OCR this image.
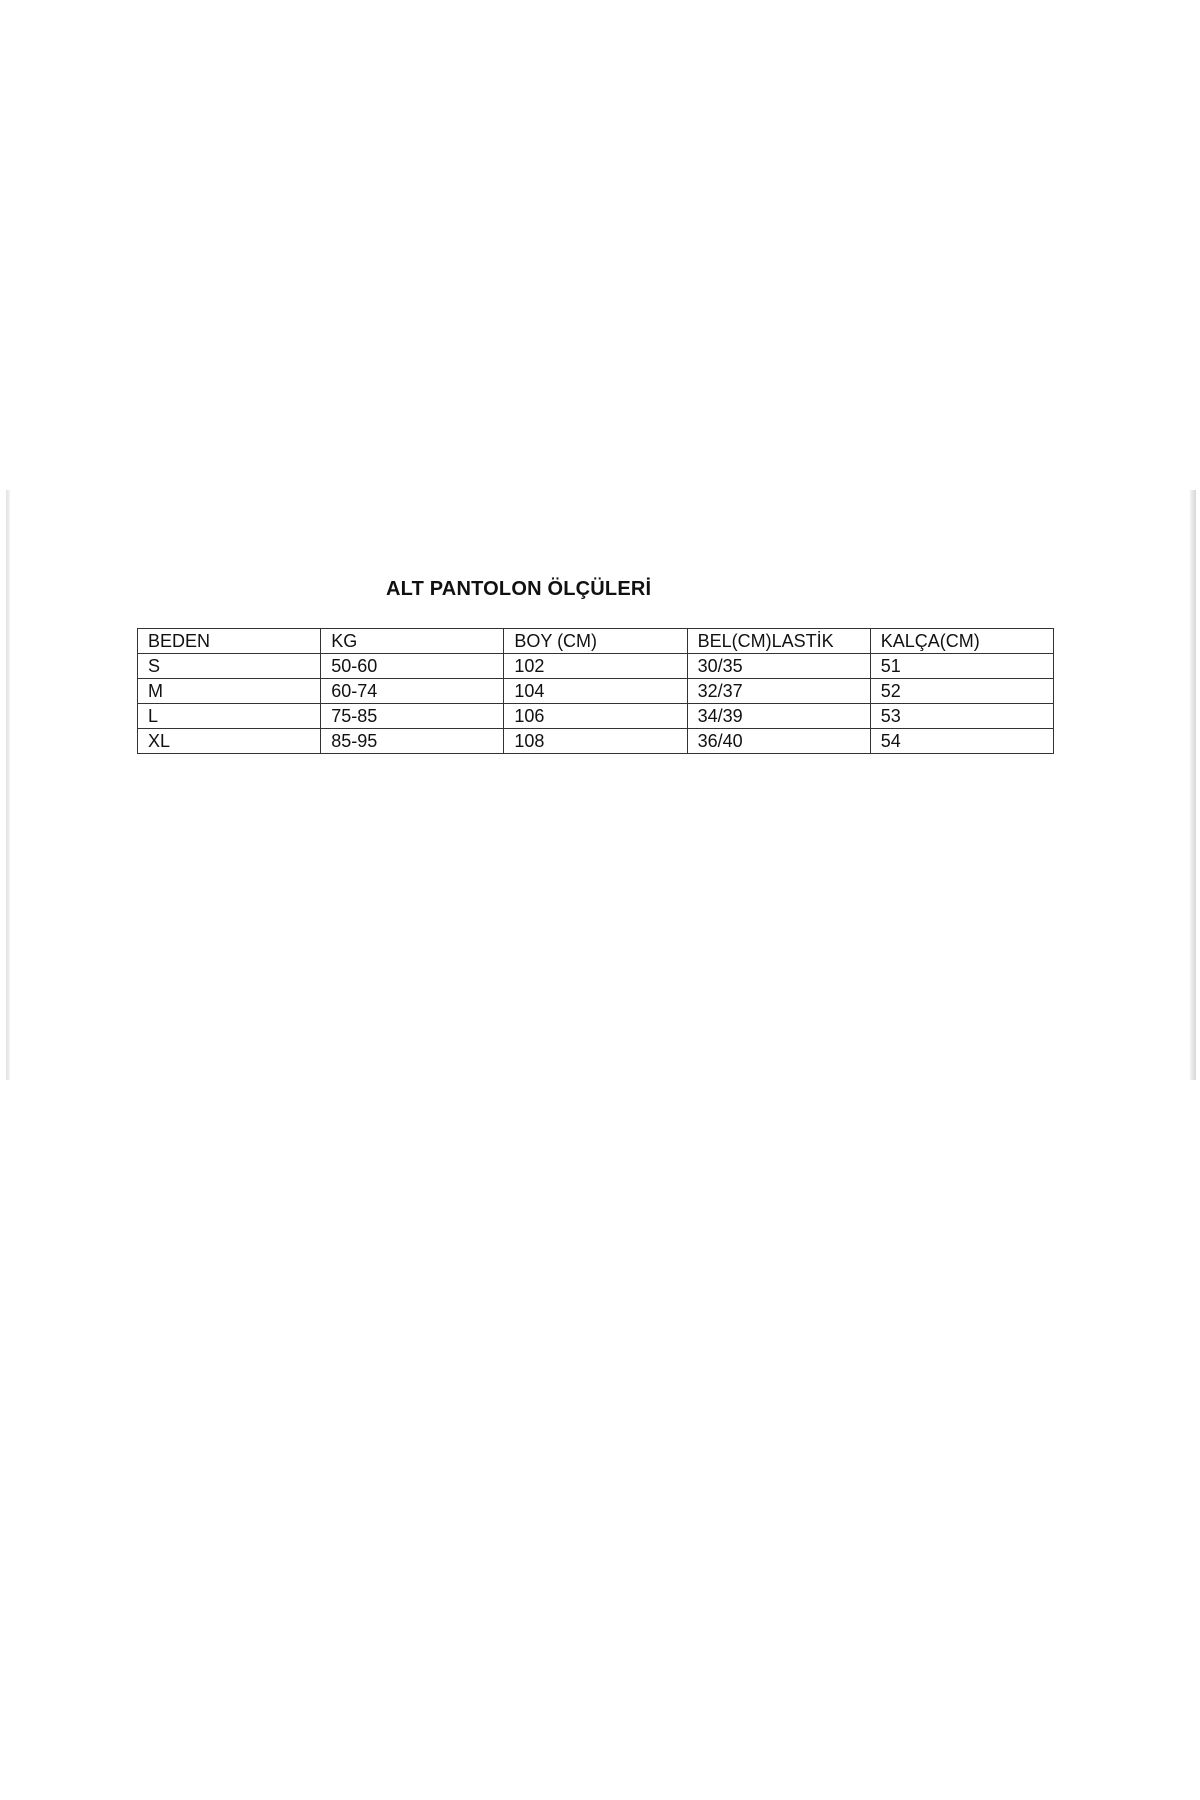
ALT PANTOLON ÖLÇÜLERİ
BEDEN	KG	BOY (CM)	BEL(CM)LASTİK	KALÇA(CM)
S	50-60	102	30/35	51
M	60-74	104	32/37	52
L	75-85	106	34/39	53
XL	85-95	108	36/40	54
